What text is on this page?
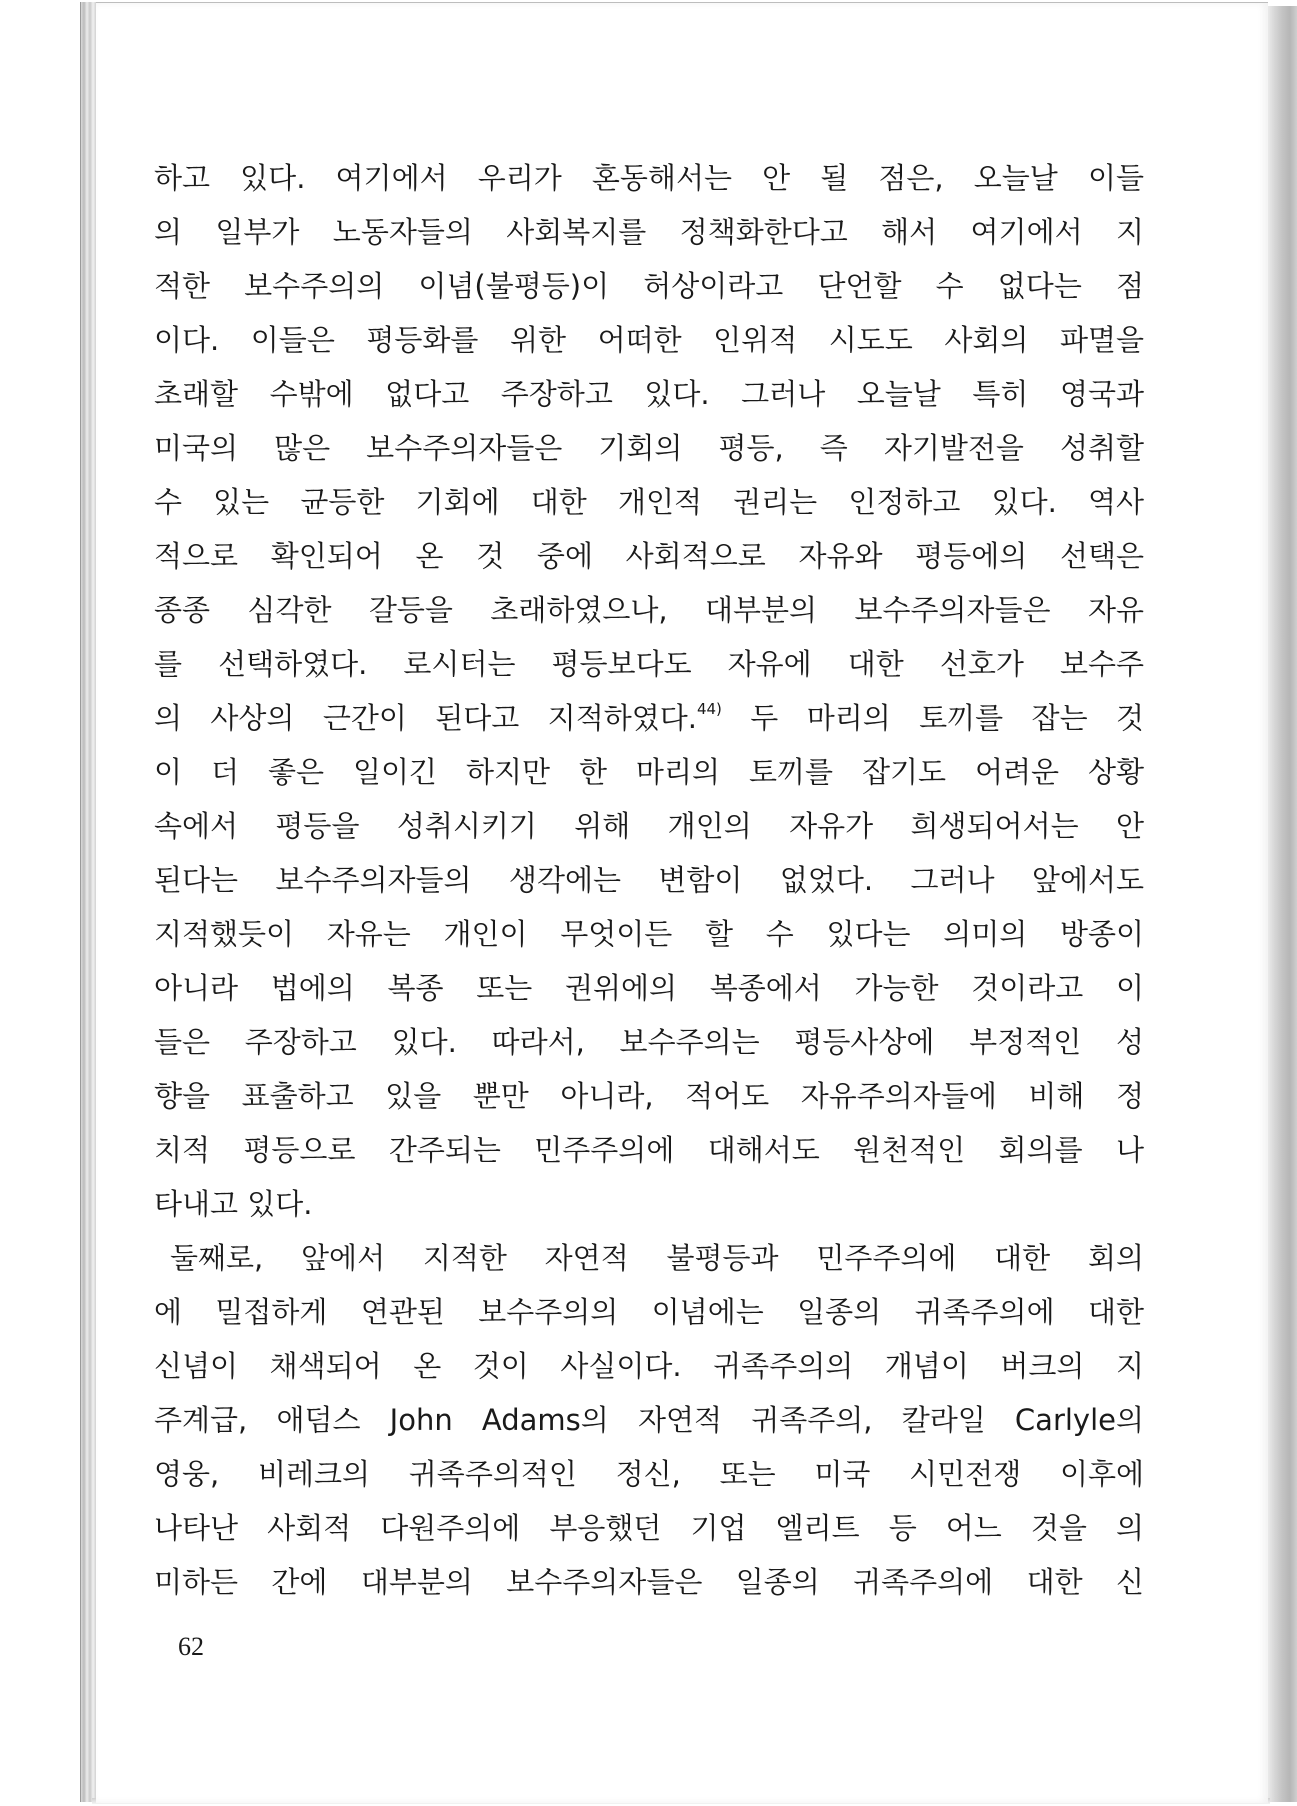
하고 있다. 여기에서 우리가 혼동해서는 안 될 점은, 오늘날 이들
의 일부가 노동자들의 사회복지를 정책화한다고 해서 여기에서 지
적한 보수주의의 이념(불평등)이 허상이라고 단언할 수 없다는 점
이다. 이들은 평등화를 위한 어떠한 인위적 시도도 사회의 파멸을
초래할 수밖에 없다고 주장하고 있다. 그러나 오늘날 특히 영국과
미국의 많은 보수주의자들은 기회의 평등, 즉 자기발전을 성취할
수 있는 균등한 기회에 대한 개인적 권리는 인정하고 있다. 역사
적으로 확인되어 온 것 중에 사회적으로 자유와 평등에의 선택은
종종 심각한 갈등을 초래하였으나, 대부분의 보수주의자들은 자유
를 선택하였다. 로시터는 평등보다도 자유에 대한 선호가 보수주
의 사상의 근간이 된다고 지적하였다.$^{44)}$ 두 마리의 토끼를 잡는 것
이 더 좋은 일이긴 하지만 한 마리의 토끼를 잡기도 어려운 상황
속에서 평등을 성취시키기 위해 개인의 자유가 희생되어서는 안
된다는 보수주의자들의 생각에는 변함이 없었다. 그러나 앞에서도
지적했듯이 자유는 개인이 무엇이든 할 수 있다는 의미의 방종이
아니라 법에의 복종 또는 권위에의 복종에서 가능한 것이라고 이
들은 주장하고 있다. 따라서, 보수주의는 평등사상에 부정적인 성
향을 표출하고 있을 뿐만 아니라, 적어도 자유주의자들에 비해 정
치적 평등으로 간주되는 민주주의에 대해서도 원천적인 회의를 나
타내고 있다.
둘째로, 앞에서 지적한 자연적 불평등과 민주주의에 대한 회의
에 밀접하게 연관된 보수주의의 이념에는 일종의 귀족주의에 대한
신념이 채색되어 온 것이 사실이다. 귀족주의의 개념이 버크의 지
주계급, 애덤스 John Adams의 자연적 귀족주의, 칼라일 Carlyle의
영웅, 비레크의 귀족주의적인 정신, 또는 미국 시민전쟁 이후에
나타난 사회적 다원주의에 부응했던 기업 엘리트 등 어느 것을 의
미하든 간에 대부분의 보수주의자들은 일종의 귀족주의에 대한 신
62
